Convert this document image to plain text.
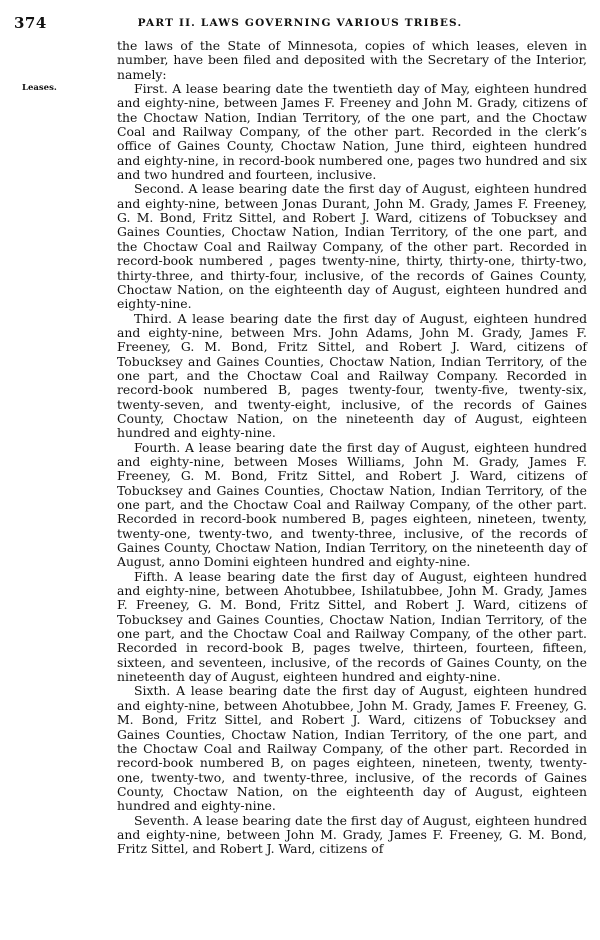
374	PART II. LAWS GOVERNING VARIOUS TRIBES.
Leases.

the laws of the State of Minnesota, copies of which leases, eleven in number, have been filed and deposited with the Secretary of the Interior, namely:

First. A lease bearing date the twentieth day of May, eighteen hundred and eighty-nine, between James F. Freeney and John M. Grady, citizens of the Choctaw Nation, Indian Territory, of the one part, and the Choctaw Coal and Railway Company, of the other part. Recorded in the clerk’s office of Gaines County, Choctaw Nation, June third, eighteen hundred and eighty-nine, in record-book numbered one, pages two hundred and six and two hundred and fourteen, inclusive.

Second. A lease bearing date the first day of August, eighteen hundred and eighty-nine, between Jonas Durant, John M. Grady, James F. Freeney, G. M. Bond, Fritz Sittel, and Robert J. Ward, citizens of Tobucksey and Gaines Counties, Choctaw Nation, Indian Territory, of the one part, and the Choctaw Coal and Railway Company, of the other part. Recorded in record-book numbered , pages twenty-nine, thirty, thirty-one, thirty-two, thirty-three, and thirty-four, inclusive, of the records of Gaines County, Choctaw Nation, on the eighteenth day of August, eighteen hundred and eighty-nine.

Third. A lease bearing date the first day of August, eighteen hundred and eighty-nine, between Mrs. John Adams, John M. Grady, James F. Freeney, G. M. Bond, Fritz Sittel, and Robert J. Ward, citizens of Tobucksey and Gaines Counties, Choctaw Nation, Indian Territory, of the one part, and the Choctaw Coal and Railway Company. Recorded in record-book numbered B, pages twenty-four, twenty-five, twenty-six, twenty-seven, and twenty-eight, inclusive, of the records of Gaines County, Choctaw Nation, on the nineteenth day of August, eighteen hundred and eighty-nine.

Fourth. A lease bearing date the first day of August, eighteen hundred and eighty-nine, between Moses Williams, John M. Grady, James F. Freeney, G. M. Bond, Fritz Sittel, and Robert J. Ward, citizens of Tobucksey and Gaines Counties, Choctaw Nation, Indian Territory, of the one part, and the Choctaw Coal and Railway Company, of the other part. Recorded in record-book numbered B, pages eighteen, nineteen, twenty, twenty-one, twenty-two, and twenty-three, inclusive, of the records of Gaines County, Choctaw Nation, Indian Territory, on the nineteenth day of August, anno Domini eighteen hundred and eighty-nine.

Fifth. A lease bearing date the first day of August, eighteen hundred and eighty-nine, between Ahotubbee, Ishilatubbee, John M. Grady, James F. Freeney, G. M. Bond, Fritz Sittel, and Robert J. Ward, citizens of Tobucksey and Gaines Counties, Choctaw Nation, Indian Territory, of the one part, and the Choctaw Coal and Railway Company, of the other part. Recorded in record-book B, pages twelve, thirteen, fourteen, fifteen, sixteen, and seventeen, inclusive, of the records of Gaines County, on the nineteenth day of August, eighteen hundred and eighty-nine.

Sixth. A lease bearing date the first day of August, eighteen hundred and eighty-nine, between Ahotubbee, John M. Grady, James F. Freeney, G. M. Bond, Fritz Sittel, and Robert J. Ward, citizens of Tobucksey and Gaines Counties, Choctaw Nation, Indian Territory, of the one part, and the Choctaw Coal and Railway Company, of the other part. Recorded in record-book numbered B, on pages eighteen, nineteen, twenty, twenty-one, twenty-two, and twenty-three, inclusive, of the records of Gaines County, Choctaw Nation, on the eighteenth day of August, eighteen hundred and eighty-nine.

Seventh. A lease bearing date the first day of August, eighteen hundred and eighty-nine, between John M. Grady, James F. Freeney, G. M. Bond, Fritz Sittel, and Robert J. Ward, citizens of
